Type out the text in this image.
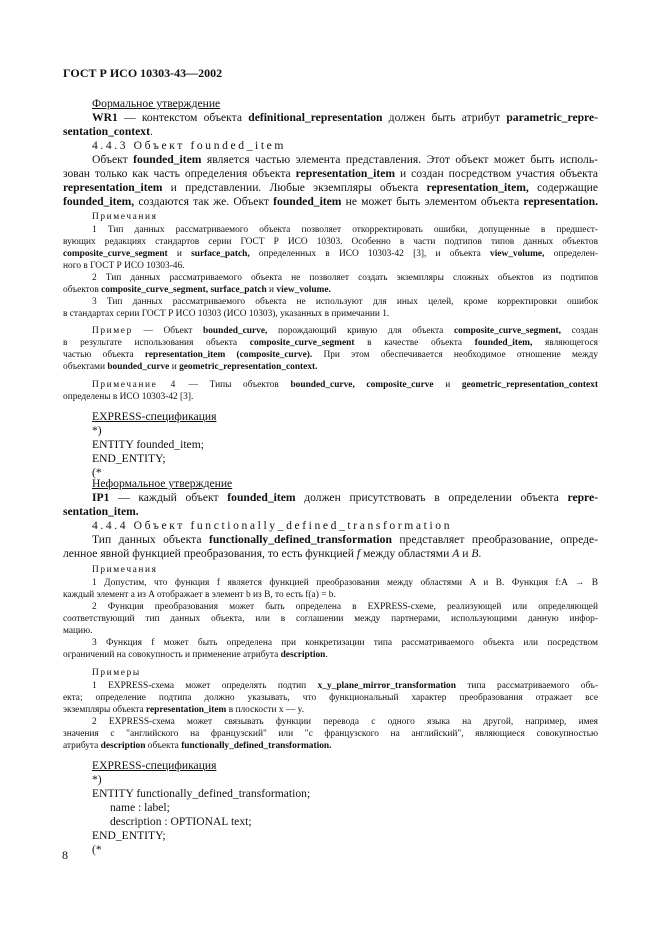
ГОСТ Р ИСО 10303-43—2002
Формальное утверждение
WR1 — контекстом объекта definitional_representation должен быть атрибут parametric_repre-
sentation_context.
4.4.3 Объект founded_item
Объект founded_item является частью элемента представления. Этот объект может быть исполь-
зован только как часть определения объекта representation_item и создан посредством участия объекта
representation_item и представлении. Любые экземпляры объекта representation_item, содержащие
founded_item, создаются так же. Объект founded_item не может быть элементом объекта representation.
Примечания
1 Тип данных рассматриваемого объекта позволяет откорректировать ошибки, допущенные в предшест-
вующих редакциях стандартов серии ГОСТ Р ИСО 10303. Особенно в части подтипов типов данных объектов
composite_curve_segment и surface_patch, определенных в ИСО 10303-42 [3], и объекта view_volume, определен-
ного в ГОСТ Р ИСО 10303-46.
2 Тип данных рассматриваемого объекта не позволяет создать экземпляры сложных объектов из подтипов
объектов composite_curve_segment, surface_patch и view_volume.
3 Тип данных рассматриваемого объекта не используют для иных целей, кроме корректировки ошибок
в стандартах серии ГОСТ Р ИСО 10303 (ИСО 10303), указанных в примечании 1.
Пример — Объект bounded_curve, порождающий кривую для объекта composite_curve_segment, создан
в результате использования объекта composite_curve_segment в качестве объекта founded_item, являющегося
частью объекта representation_item (composite_curve). При этом обеспечивается необходимое отношение между
объектами bounded_curve и geometric_representation_context.
Примечание 4 — Типы объектов bounded_curve, composite_curve и geometric_representation_context
определены в ИСО 10303-42 [3].
EXPRESS-спецификация
*)
ENTITY founded_item;
END_ENTITY;
(*
Неформальное утверждение
IP1 — каждый объект founded_item должен присутствовать в определении объекта repre-
sentation_item.
4.4.4 Объект functionally_defined_transformation
Тип данных объекта functionally_defined_transformation представляет преобразование, опреде-
ленное явной функцией преобразования, то есть функцией f между областями A и B.
Примечания
1 Допустим, что функция f является функцией преобразования между областями A и B. Функция f:A → B
каждый элемент a из A отображает в элемент b из B, то есть f(a) = b.
2 Функция преобразования может быть определена в EXPRESS-схеме, реализующей или определяющей
соответствующий тип данных объекта, или в соглашении между партнерами, использующими данную инфор-
мацию.
3 Функция f может быть определена при конкретизации типа рассматриваемого объекта или посредством
ограничений на совокупность и применение атрибута description.
Примеры
1 EXPRESS-схема может определять подтип x_y_plane_mirror_transformation типа рассматриваемого объ-
екта; определение подтипа должно указывать, что функциональный характер преобразования отражает все
экземпляры объекта representation_item в плоскости x — y.
2 EXPRESS-схема может связывать функции перевода с одного языка на другой, например, имея
значения с "английского на французский" или "с французского на английский", являющиеся совокупностью
атрибута description объекта functionally_defined_transformation.
EXPRESS-спецификация
*)
ENTITY functionally_defined_transformation;
name : label;
description : OPTIONAL text;
END_ENTITY;
(*
8
